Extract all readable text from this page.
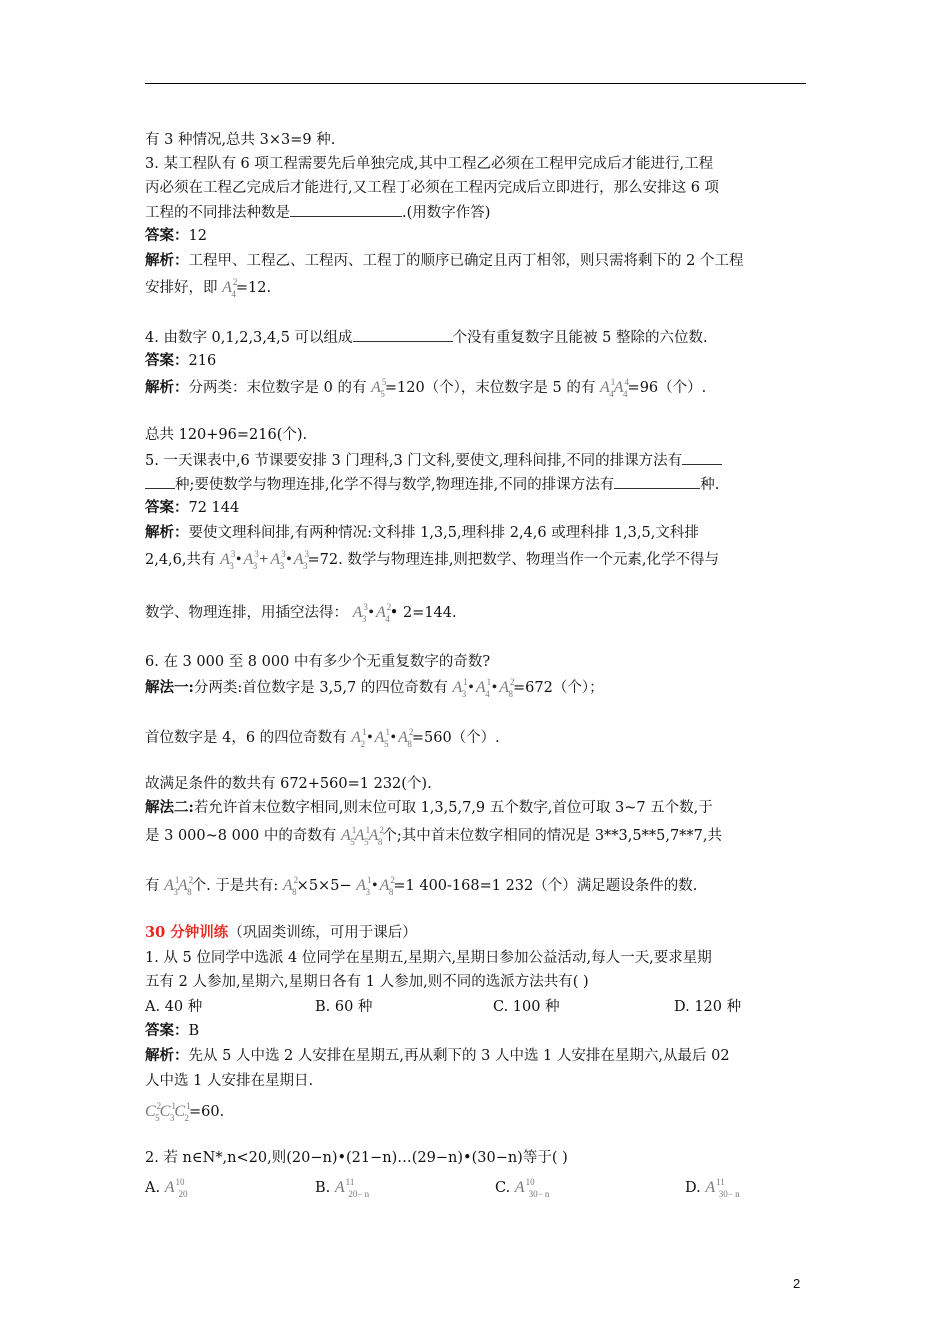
有 3 种情况,总共 3×3=9 种.
3. 某工程队有 6 项工程需要先后单独完成,其中工程乙必须在工程甲完成后才能进行,工程
丙必须在工程乙完成后才能进行,又工程丁必须在工程丙完成后立即进行，那么安排这 6 项
工程的不同排法种数是	.(用数字作答)
答案：12
解析：工程甲、工程乙、工程丙、工程丁的顺序已确定且丙丁相邻，则只需将剩下的 2 个工程
安排好，即 $A^2_4=12$.
4. 由数字 0,1,2,3,4,5 可以组成	个没有重复数字且能被 5 整除的六位数.
答案：216
解析：分两类：末位数字是 0 的有 $A^5_5=120$（个），末位数字是 5 的有 $A^1_4A^4_4=96$（个）.
总共 120+96=216(个).
5. 一天课表中,6 节课要安排 3 门理科,3 门文科,要使文,理科间排,不同的排课方法有
种;要使数学与物理连排,化学不得与数学,物理连排,不同的排课方法有	种.
答案：72 144
解析：要使文理科间排,有两种情况:文科排 1,3,5,理科排 2,4,6 或理科排 1,3,5,文科排
2,4,6,共有 $A^3_3$ • $A^3_3 + A^3_3$ • $A^3_3=72$. 数学与物理连排,则把数学、物理当作一个元素,化学不得与
数学、物理连排，用插空法得： $A^3_3$ • $A^2_4•$ 2=144.
6. 在 3 000 至 8 000 中有多少个无重复数字的奇数?
解法一:分两类:首位数字是 3,5,7 的四位奇数有 $A^1_3$ • $A^1_4$ • $A^2_8=672$（个）；
首位数字是 4，6 的四位奇数有 $A^1_2$ • $A^1_5$ • $A^2_8=560$（个）.
故满足条件的数共有 672+560=1 232(个).
解法二:若允许首末位数字相同,则末位可取 1,3,5,7,9 五个数字,首位可取 3~7 五个数,于
是 3 000~8 000 中的奇数有 $A^1_5A^1_5A^2_8$个;其中首末位数字相同的情况是 3**3,5**5,7**7,共
有 $A^1_3A^2_8$个. 于是共有: $A^2_8\times 5\times 5- A^1_3$ • $A^2_8=1$ 400-168=1 232（个）满足题设条件的数.
30 分钟训练（巩固类训练，可用于课后）
1. 从 5 位同学中选派 4 位同学在星期五,星期六,星期日参加公益活动,每人一天,要求星期
五有 2 人参加,星期六,星期日各有 1 人参加,则不同的选派方法共有( )
A. 40 种	B. 60 种	C. 100 种	D. 120 种
答案：B
解析：先从 5 人中选 2 人安排在星期五,再从剩下的 3 人中选 1 人安排在星期六,从最后 02
人中选 1 人安排在星期日.
$C^2_5C^1_3C^1_2=60$.
2. 若 n∈N*,n<20,则(20−n)•(21−n)…(29−n)•(30−n)等于( )
A. $A^{10}_{20}$	B. $A^{11}_{20- n}$	C. $A^{10}_{30- n}$	D. $A^{11}_{30- n}$
2
